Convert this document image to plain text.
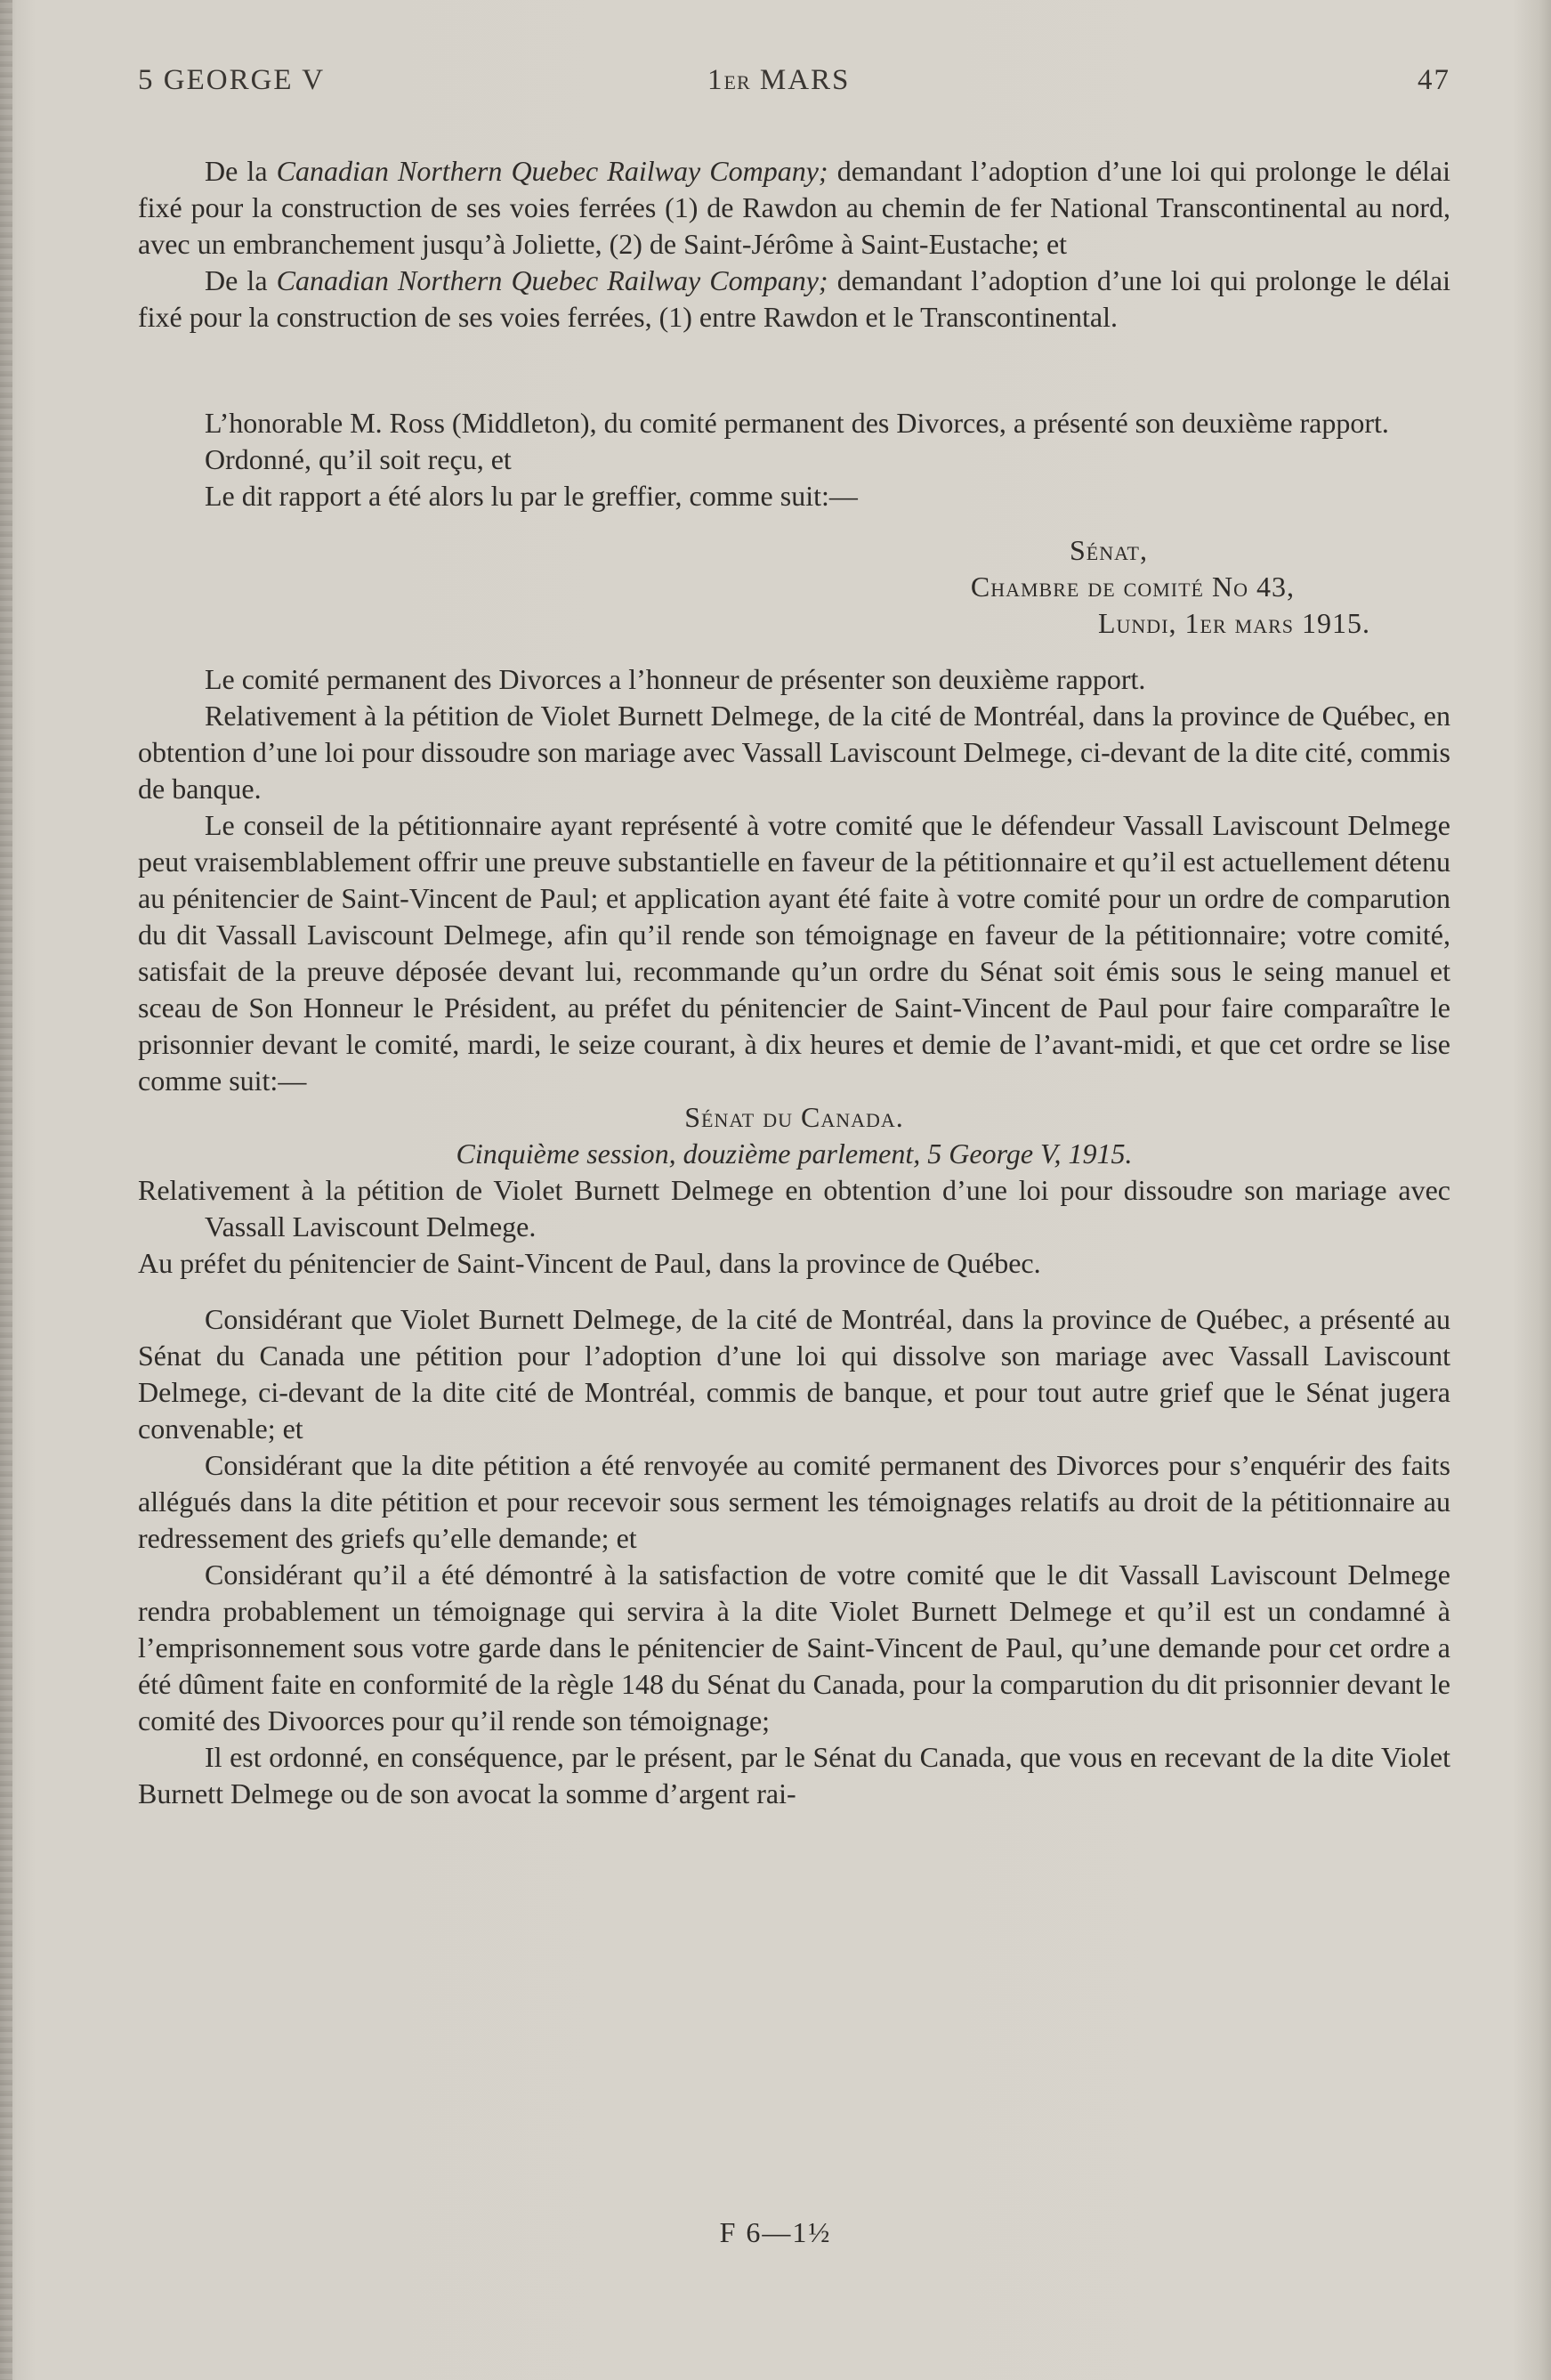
5 GEORGE V	1ER MARS	47

De la Canadian Northern Quebec Railway Company; demandant l’adoption d’une loi qui prolonge le délai fixé pour la construction de ses voies ferrées (1) de Rawdon au chemin de fer National Transcontinental au nord, avec un embranchement jusqu’à Joliette, (2) de Saint-Jérôme à Saint-Eustache; et

De la Canadian Northern Quebec Railway Company; demandant l’adoption d’une loi qui prolonge le délai fixé pour la construction de ses voies ferrées, (1) entre Rawdon et le Transcontinental.

L’honorable M. Ross (Middleton), du comité permanent des Divorces, a présenté son deuxième rapport.

Ordonné, qu’il soit reçu, et

Le dit rapport a été alors lu par le greffier, comme suit:—

Sénat,

Chambre de comité No 43,

Lundi, 1er mars 1915.

Le comité permanent des Divorces a l’honneur de présenter son deuxième rapport.

Relativement à la pétition de Violet Burnett Delmege, de la cité de Montréal, dans la province de Québec, en obtention d’une loi pour dissoudre son mariage avec Vassall Laviscount Delmege, ci-devant de la dite cité, commis de banque.

Le conseil de la pétitionnaire ayant représenté à votre comité que le défendeur Vassall Laviscount Delmege peut vraisemblablement offrir une preuve substantielle en faveur de la pétitionnaire et qu’il est actuellement détenu au pénitencier de Saint-Vincent de Paul; et application ayant été faite à votre comité pour un ordre de comparution du dit Vassall Laviscount Delmege, afin qu’il rende son témoignage en faveur de la pétitionnaire; votre comité, satisfait de la preuve déposée devant lui, recommande qu’un ordre du Sénat soit émis sous le seing manuel et sceau de Son Honneur le Président, au préfet du pénitencier de Saint-Vincent de Paul pour faire comparaître le prisonnier devant le comité, mardi, le seize courant, à dix heures et demie de l’avant-midi, et que cet ordre se lise comme suit:—

Sénat du Canada.

Cinquième session, douzième parlement, 5 George V, 1915.

Relativement à la pétition de Violet Burnett Delmege en obtention d’une loi pour dissoudre son mariage avec Vassall Laviscount Delmege.

Au préfet du pénitencier de Saint-Vincent de Paul, dans la province de Québec.

Considérant que Violet Burnett Delmege, de la cité de Montréal, dans la province de Québec, a présenté au Sénat du Canada une pétition pour l’adoption d’une loi qui dissolve son mariage avec Vassall Laviscount Delmege, ci-devant de la dite cité de Montréal, commis de banque, et pour tout autre grief que le Sénat jugera convenable; et

Considérant que la dite pétition a été renvoyée au comité permanent des Divorces pour s’enquérir des faits allégués dans la dite pétition et pour recevoir sous serment les témoignages relatifs au droit de la pétitionnaire au redressement des griefs qu’elle demande; et

Considérant qu’il a été démontré à la satisfaction de votre comité que le dit Vassall Laviscount Delmege rendra probablement un témoignage qui servira à la dite Violet Burnett Delmege et qu’il est un condamné à l’emprisonnement sous votre garde dans le pénitencier de Saint-Vincent de Paul, qu’une demande pour cet ordre a été dûment faite en conformité de la règle 148 du Sénat du Canada, pour la comparution du dit prisonnier devant le comité des Divoorces pour qu’il rende son témoignage;

Il est ordonné, en conséquence, par le présent, par le Sénat du Canada, que vous en recevant de la dite Violet Burnett Delmege ou de son avocat la somme d’argent rai-

F 6—1½
